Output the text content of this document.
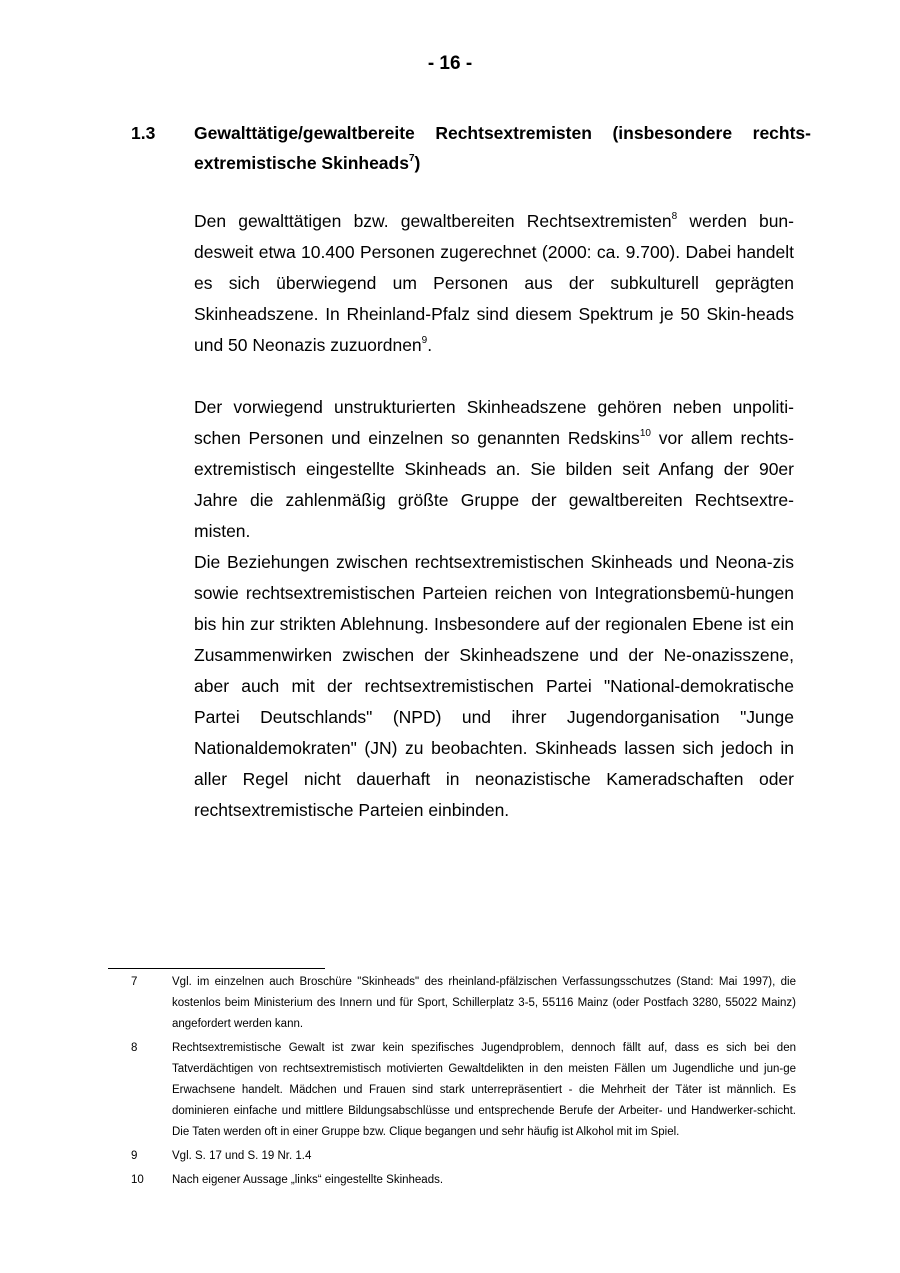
- 16 -
1.3 Gewalttätige/gewaltbereite Rechtsextremisten (insbesondere rechts-extremistische Skinheads$^7$)

Den gewalttätigen bzw. gewaltbereiten Rechtsextremisten$^8$ werden bun-desweit etwa 10.400 Personen zugerechnet (2000: ca. 9.700). Dabei handelt es sich überwiegend um Personen aus der subkulturell geprägten Skinheadszene. In Rheinland-Pfalz sind diesem Spektrum je 50 Skin-heads und 50 Neonazis zuzuordnen$^9$.

Der vorwiegend unstrukturierten Skinheadszene gehören neben unpoliti-schen Personen und einzelnen so genannten Redskins$^{10}$ vor allem rechts-extremistisch eingestellte Skinheads an. Sie bilden seit Anfang der 90er Jahre die zahlenmäßig größte Gruppe der gewaltbereiten Rechtsextre-misten.

Die Beziehungen zwischen rechtsextremistischen Skinheads und Neona-zis sowie rechtsextremistischen Parteien reichen von Integrationsbemü-hungen bis hin zur strikten Ablehnung. Insbesondere auf der regionalen Ebene ist ein Zusammenwirken zwischen der Skinheadszene und der Ne-onazisszene, aber auch mit der rechtsextremistischen Partei "National-demokratische Partei Deutschlands" (NPD) und ihrer Jugendorganisation "Junge Nationaldemokraten" (JN) zu beobachten. Skinheads lassen sich jedoch in aller Regel nicht dauerhaft in neonazistische Kameradschaften oder rechtsextremistische Parteien einbinden.

7	Vgl. im einzelnen auch Broschüre "Skinheads" des rheinland-pfälzischen Verfassungsschutzes (Stand: Mai 1997), die kostenlos beim Ministerium des Innern und für Sport, Schillerplatz 3-5, 55116 Mainz (oder Postfach 3280, 55022 Mainz) angefordert werden kann.
8	Rechtsextremistische Gewalt ist zwar kein spezifisches Jugendproblem, dennoch fällt auf, dass es sich bei den Tatverdächtigen von rechtsextremistisch motivierten Gewaltdelikten in den meisten Fällen um Jugendliche und jun-ge Erwachsene handelt. Mädchen und Frauen sind stark unterrepräsentiert - die Mehrheit der Täter ist männlich. Es dominieren einfache und mittlere Bildungsabschlüsse und entsprechende Berufe der Arbeiter- und Handwerker-schicht. Die Taten werden oft in einer Gruppe bzw. Clique begangen und sehr häufig ist Alkohol mit im Spiel.
9	Vgl. S. 17 und S. 19 Nr. 1.4
10 Nach eigener Aussage „links“ eingestellte Skinheads.
